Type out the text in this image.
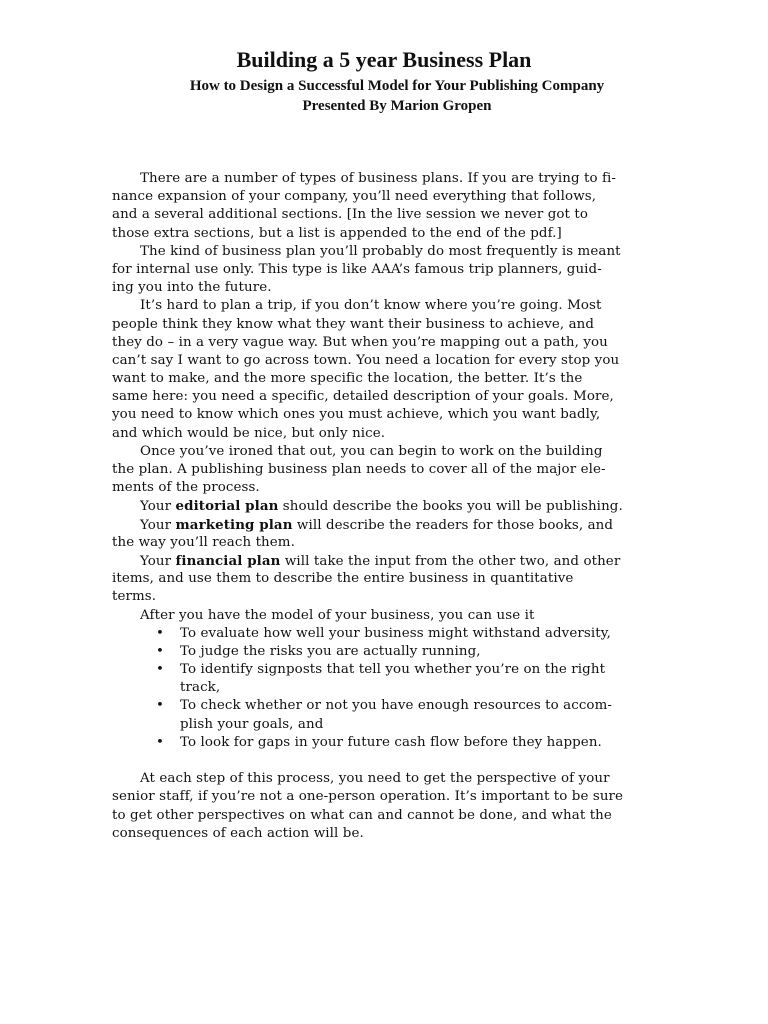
Building a 5 year Business Plan
How to Design a Successful Model for Your Publishing Company
Presented By Marion Gropen

There are a number of types of business plans. If you are trying to fi-

nance expansion of your company, you’ll need everything that follows,

and a several additional sections. [In the live session we never got to

those extra sections, but a list is appended to the end of the pdf.]

The kind of business plan you’ll probably do most frequently is meant

for internal use only. This type is like AAA’s famous trip planners, guid-

ing you into the future.

It’s hard to plan a trip, if you don’t know where you’re going. Most

people think they know what they want their business to achieve, and

they do – in a very vague way. But when you’re mapping out a path, you

can’t say I want to go across town. You need a location for every stop you

want to make, and the more specific the location, the better. It’s the

same here: you need a specific, detailed description of your goals. More,

you need to know which ones you must achieve, which you want badly,

and which would be nice, but only nice.

Once you’ve ironed that out, you can begin to work on the building

the plan. A publishing business plan needs to cover all of the major ele-

ments of the process.

Your editorial plan should describe the books you will be publishing.

Your marketing plan will describe the readers for those books, and

the way you’ll reach them.

Your financial plan will take the input from the other two, and other

items, and use them to describe the entire business in quantitative

terms.

After you have the model of your business, you can use it

• To evaluate how well your business might withstand adversity,

• To judge the risks you are actually running,

• To identify signposts that tell you whether you’re on the right

track,

• To check whether or not you have enough resources to accom-

plish your goals, and

• To look for gaps in your future cash flow before they happen.

At each step of this process, you need to get the perspective of your

senior staff, if you’re not a one-person operation. It’s important to be sure

to get other perspectives on what can and cannot be done, and what the

consequences of each action will be.
